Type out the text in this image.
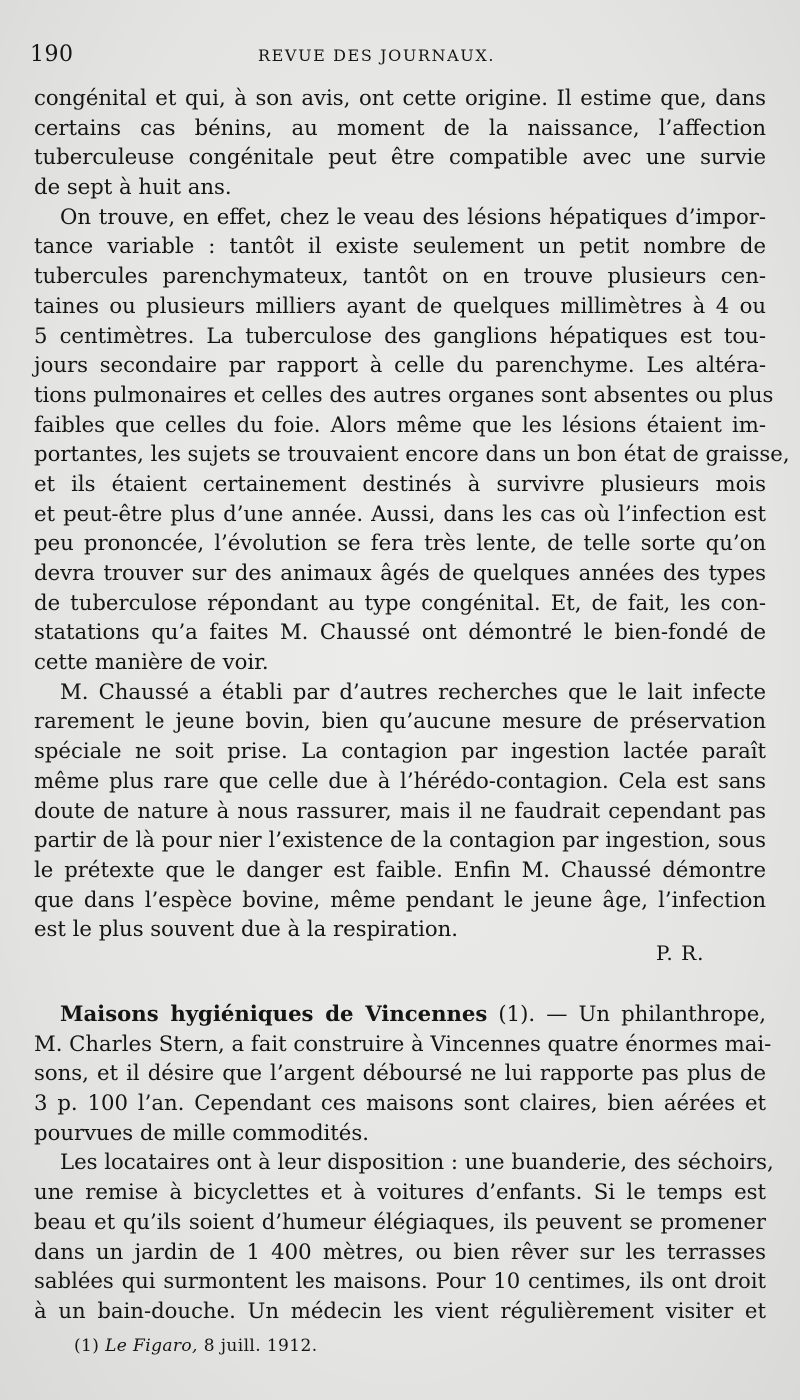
190	REVUE DES JOURNAUX.
congénital et qui, à son avis, ont cette origine. Il estime que, dans
certains cas bénins, au moment de la naissance, l’affection
tuberculeuse congénitale peut être compatible avec une survie
de sept à huit ans.
On trouve, en effet, chez le veau des lésions hépatiques d’impor-
tance variable : tantôt il existe seulement un petit nombre de
tubercules parenchymateux, tantôt on en trouve plusieurs cen-
taines ou plusieurs milliers ayant de quelques millimètres à 4 ou
5 centimètres. La tuberculose des ganglions hépatiques est tou-
jours secondaire par rapport à celle du parenchyme. Les altéra-
tions pulmonaires et celles des autres organes sont absentes ou plus
faibles que celles du foie. Alors même que les lésions étaient im-
portantes, les sujets se trouvaient encore dans un bon état de graisse,
et ils étaient certainement destinés à survivre plusieurs mois
et peut-être plus d’une année. Aussi, dans les cas où l’infection est
peu prononcée, l’évolution se fera très lente, de telle sorte qu’on
devra trouver sur des animaux âgés de quelques années des types
de tuberculose répondant au type congénital. Et, de fait, les con-
statations qu’a faites M. Chaussé ont démontré le bien-fondé de
cette manière de voir.
M. Chaussé a établi par d’autres recherches que le lait infecte
rarement le jeune bovin, bien qu’aucune mesure de préservation
spéciale ne soit prise. La contagion par ingestion lactée paraît
même plus rare que celle due à l’hérédo-contagion. Cela est sans
doute de nature à nous rassurer, mais il ne faudrait cependant pas
partir de là pour nier l’existence de la contagion par ingestion, sous
le prétexte que le danger est faible. Enfin M. Chaussé démontre
que dans l’espèce bovine, même pendant le jeune âge, l’infection
est le plus souvent due à la respiration.
P. R.
Maisons hygiéniques de Vincennes (1). — Un philanthrope,
M. Charles Stern, a fait construire à Vincennes quatre énormes mai-
sons, et il désire que l’argent déboursé ne lui rapporte pas plus de
3 p. 100 l’an. Cependant ces maisons sont claires, bien aérées et
pourvues de mille commodités.
Les locataires ont à leur disposition : une buanderie, des séchoirs,
une remise à bicyclettes et à voitures d’enfants. Si le temps est
beau et qu’ils soient d’humeur élégiaques, ils peuvent se promener
dans un jardin de 1 400 mètres, ou bien rêver sur les terrasses
sablées qui surmontent les maisons. Pour 10 centimes, ils ont droit
à un bain-douche. Un médecin les vient régulièrement visiter et
(1) Le Figaro, 8 juill. 1912.
